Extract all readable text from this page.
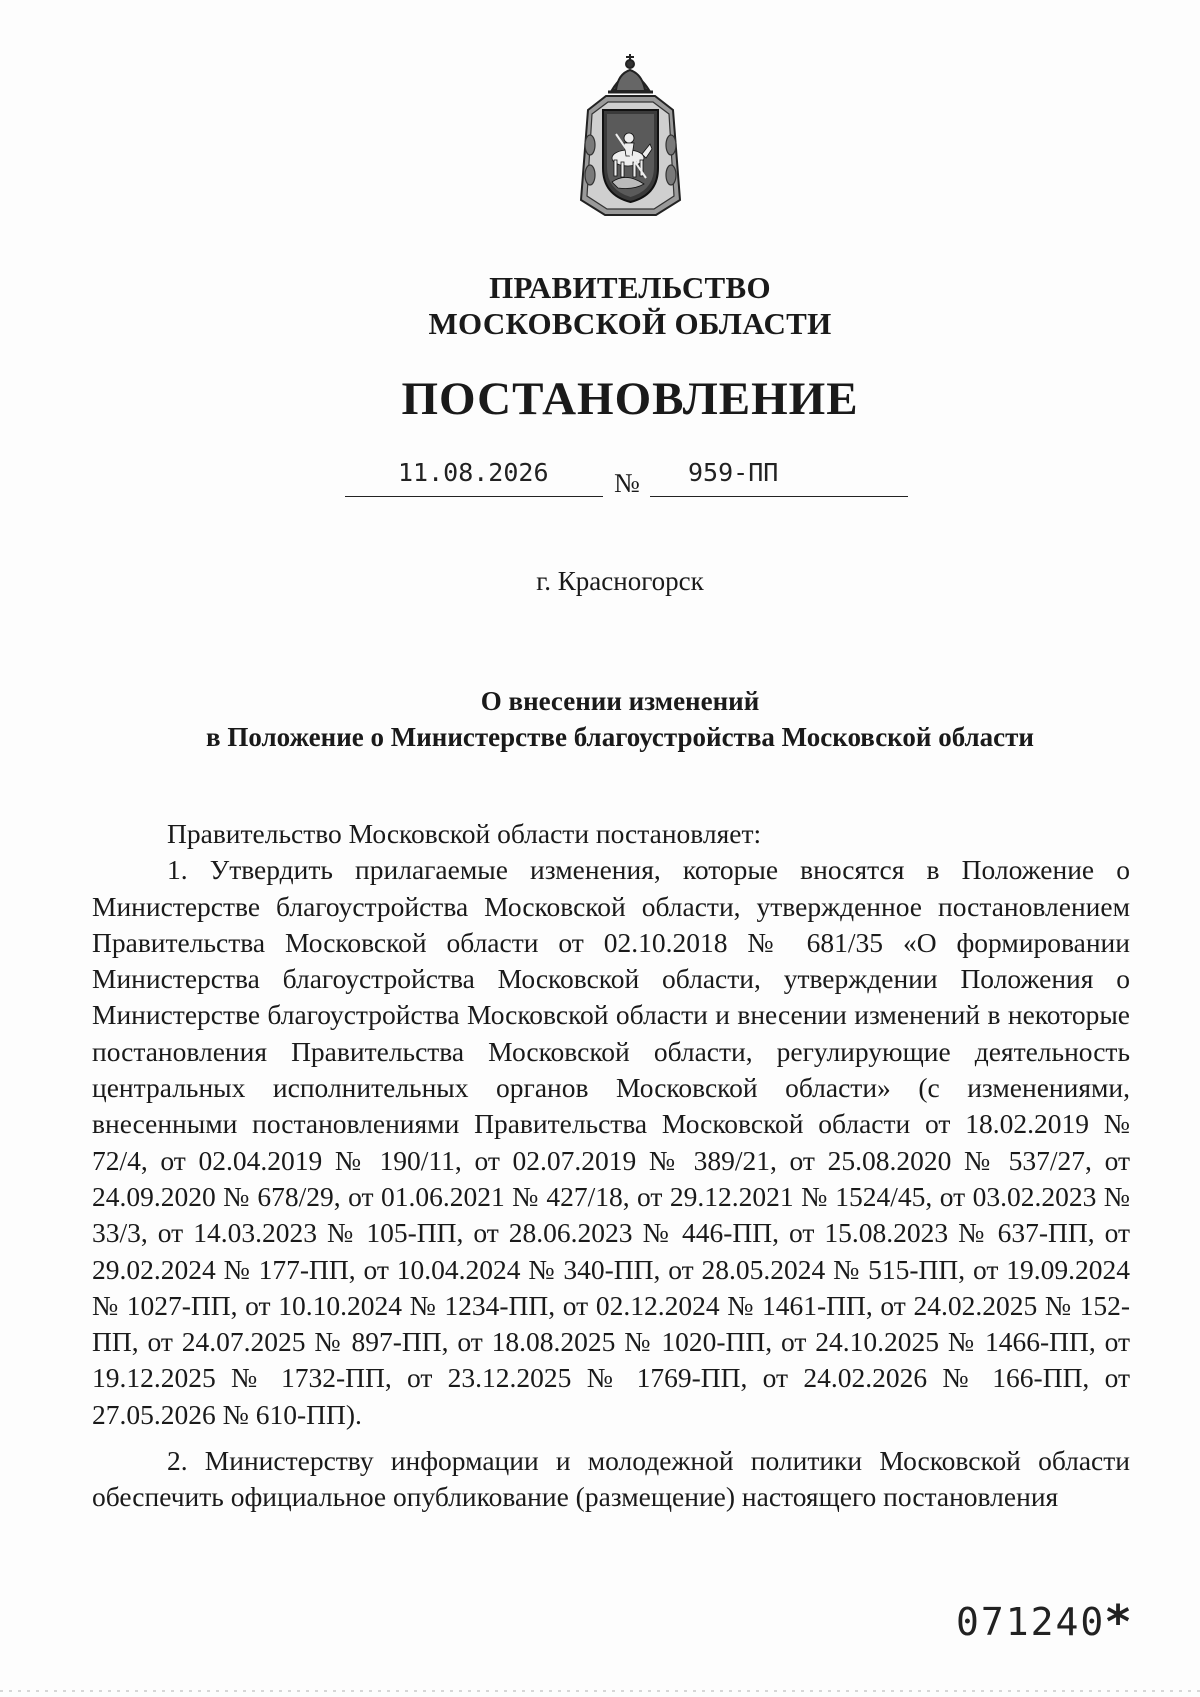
ПРАВИТЕЛЬСТВО
МОСКОВСКОЙ ОБЛАСТИ
ПОСТАНОВЛЕНИЕ
11.08.2026 № 959-ПП
г. Красногорск
О внесении изменений
в Положение о Министерстве благоустройства Московской области

Правительство Московской области постановляет:

1. Утвердить прилагаемые изменения, которые вносятся в Положение о Министерстве благоустройства Московской области, утвержденное постановлением Правительства Московской области от 02.10.2018 № 681/35 «О формировании Министерства благоустройства Московской области, утверждении Положения о Министерстве благоустройства Московской области и внесении изменений в некоторые постановления Правительства Московской области, регулирующие деятельность центральных исполнительных органов Московской области» (с изменениями, внесенными постановлениями Правительства Московской области от 18.02.2019 № 72/4, от 02.04.2019 № 190/11, от 02.07.2019 № 389/21, от 25.08.2020 № 537/27, от 24.09.2020 № 678/29, от 01.06.2021 № 427/18, от 29.12.2021 № 1524/45, от 03.02.2023 № 33/3, от 14.03.2023 № 105-ПП, от 28.06.2023 № 446-ПП, от 15.08.2023 № 637-ПП, от 29.02.2024 № 177-ПП, от 10.04.2024 № 340-ПП, от 28.05.2024 № 515-ПП, от 19.09.2024 № 1027-ПП, от 10.10.2024 № 1234-ПП, от 02.12.2024 № 1461-ПП, от 24.02.2025 № 152-ПП, от 24.07.2025 № 897-ПП, от 18.08.2025 № 1020-ПП, от 24.10.2025 № 1466-ПП, от 19.12.2025 № 1732-ПП, от 23.12.2025 № 1769-ПП, от 24.02.2026 № 166-ПП, от 27.05.2026 № 610-ПП).

2. Министерству информации и молодежной политики Московской области обеспечить официальное опубликование (размещение) настоящего постановления

071240 *
